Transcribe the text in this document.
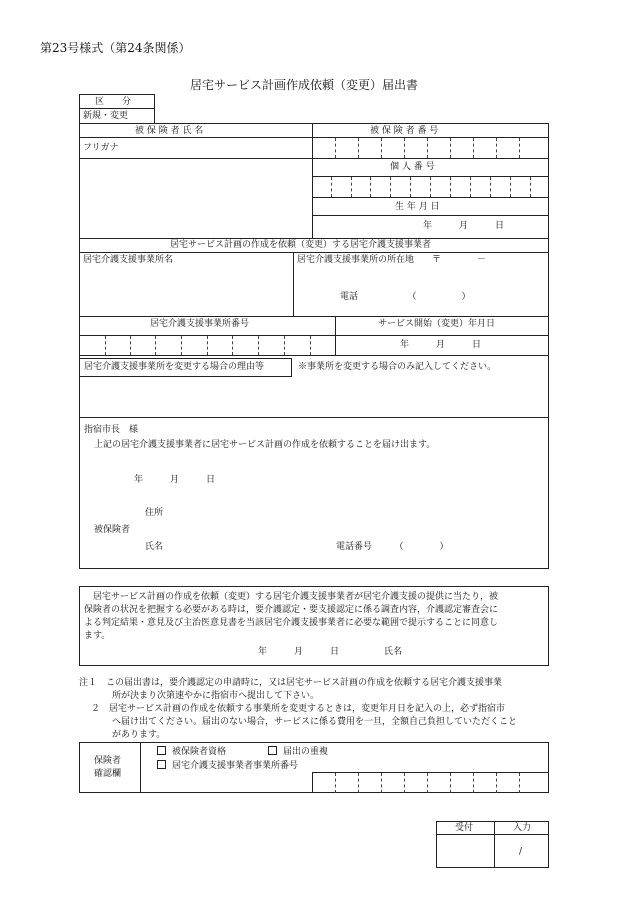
第23号様式（第24条関係）
居宅サービス計画作成依頼（変更）届出書
区　　分
新規・変更
被 保 険 者 氏 名	被 保 険 者 番 号
フリガナ
個 人 番 号
生 年 月 日
年　　　月　　　日
居宅サービス計画の作成を依頼（変更）する居宅介護支援事業者
居宅介護支援事業所名	居宅介護支援事業所の所在地　　〒　　　　－
電話　　　　　　（　　　　　）
居宅介護支援事業所番号	サービス開始（変更）年月日
年　　　月　　　日
居宅介護支援事業所を変更する場合の理由等	※事業所を変更する場合のみ記入してください。
指宿市長　様
上記の居宅介護支援事業者に居宅サービス計画の作成を依頼することを届け出ます。
年　　　月　　　日
住所
被保険者
氏名	電話番号　　　（　　　　）
居宅サービス計画の作成を依頼（変更）する居宅介護支援事業者が居宅介護支援の提供に当たり，被
保険者の状況を把握する必要がある時は，要介護認定・要支援認定に係る調査内容，介護認定審査会に
よる判定結果・意見及び主治医意見書を当該居宅介護支援事業者に必要な範囲で提示することに同意し
ます。
年　　　月　　　日　　　　　氏名
注１　この届出書は，要介護認定の申請時に，又は居宅サービス計画の作成を依頼する居宅介護支援事業
所が決まり次第速やかに指宿市へ提出して下さい。
２　居宅サービス計画の作成を依頼する事業所を変更するときは，変更年月日を記入の上，必ず指宿市
へ届け出てください。届出のない場合，サービスに係る費用を一旦，全額自己負担していただくこと
があります。
保険者
確認欄
被保険者資格	届出の重複
居宅介護支援事業者事業所番号
受付	入力
/
